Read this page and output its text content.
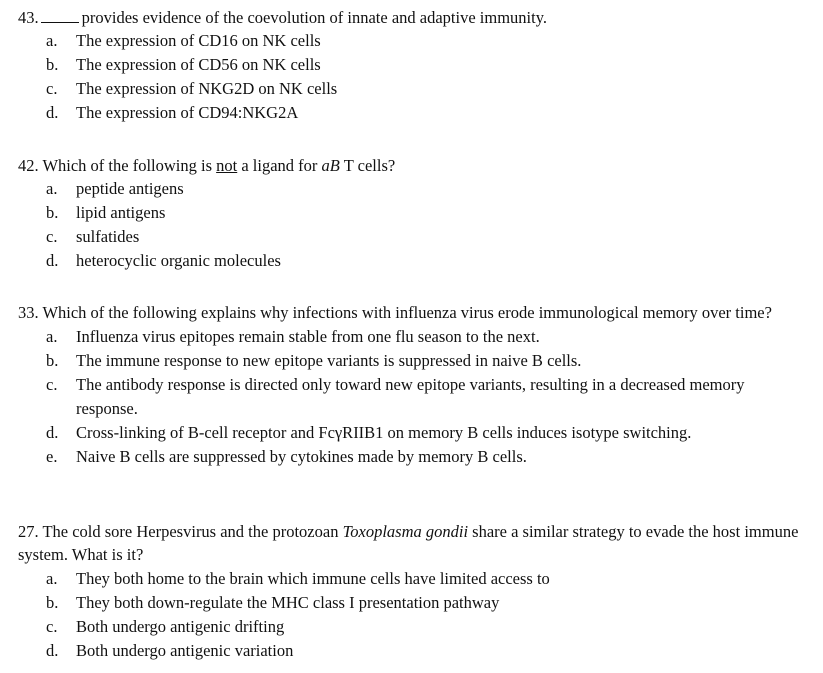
43.	provides evidence of the coevolution of innate and adaptive immunity.
a.	The expression of CD16 on NK cells
b.	The expression of CD56 on NK cells
c.	The expression of NKG2D on NK cells
d.	The expression of CD94:NKG2A
42. Which of the following is not a ligand for aB T cells?
a.	peptide antigens
b.	lipid antigens
c.	sulfatides
d.	heterocyclic organic molecules
33. Which of the following explains why infections with influenza virus erode immunological memory over time?
a.	Influenza virus epitopes remain stable from one flu season to the next.
b.	The immune response to new epitope variants is suppressed in naive B cells.
c.	The antibody response is directed only toward new epitope variants, resulting in a decreased memory response.
d.	Cross-linking of B-cell receptor and FcγRIIB1 on memory B cells induces isotype switching.
e.	Naive B cells are suppressed by cytokines made by memory B cells.
27. The cold sore Herpesvirus and the protozoan Toxoplasma gondii share a similar strategy to evade the host immune system. What is it?
a.	They both home to the brain which immune cells have limited access to
b.	They both down-regulate the MHC class I presentation pathway
c.	Both undergo antigenic drifting
d.	Both undergo antigenic variation
